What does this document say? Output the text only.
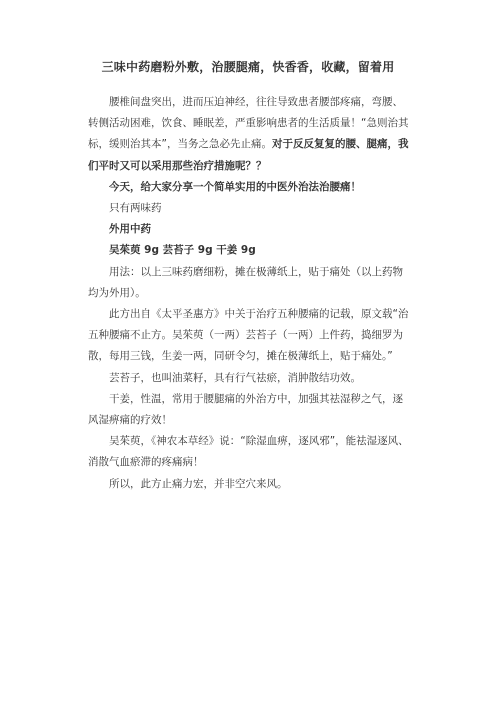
三味中药磨粉外敷，治腰腿痛，快香香，收藏，留着用

腰椎间盘突出，进而压迫神经，往往导致患者腰部疼痛，弯腰、转侧活动困难，饮食、睡眠差，严重影响患者的生活质量！“急则治其标，缓则治其本”，当务之急必先止痛。对于反反复复的腰、腿痛，我们平时又可以采用那些治疗措施呢？？

今天，给大家分享一个简单实用的中医外治法治腰痛！

只有两味药

外用中药

吴茱萸 9g 芸苔子 9g 干姜 9g

用法：以上三味药磨细粉，摊在极薄纸上，贴于痛处（以上药物均为外用）。

此方出自《太平圣惠方》中关于治疗五种腰痛的记载，原文载“治五种腰痛不止方。吴茱萸（一两）芸苔子（一两）上件药，捣细罗为散，每用三钱，生姜一两，同研令匀，摊在极薄纸上，贴于痛处。”

芸苔子，也叫油菜籽，具有行气祛瘀，消肿散结功效。

干姜，性温，常用于腰腿痛的外治方中，加强其祛湿秽之气，逐风湿痹痛的疗效！

吴茱萸，《神农本草经》说：“除湿血痹，逐风邪”，能祛湿逐风、消散气血瘀滞的疼痛病！

所以，此方止痛力宏，并非空穴来风。
